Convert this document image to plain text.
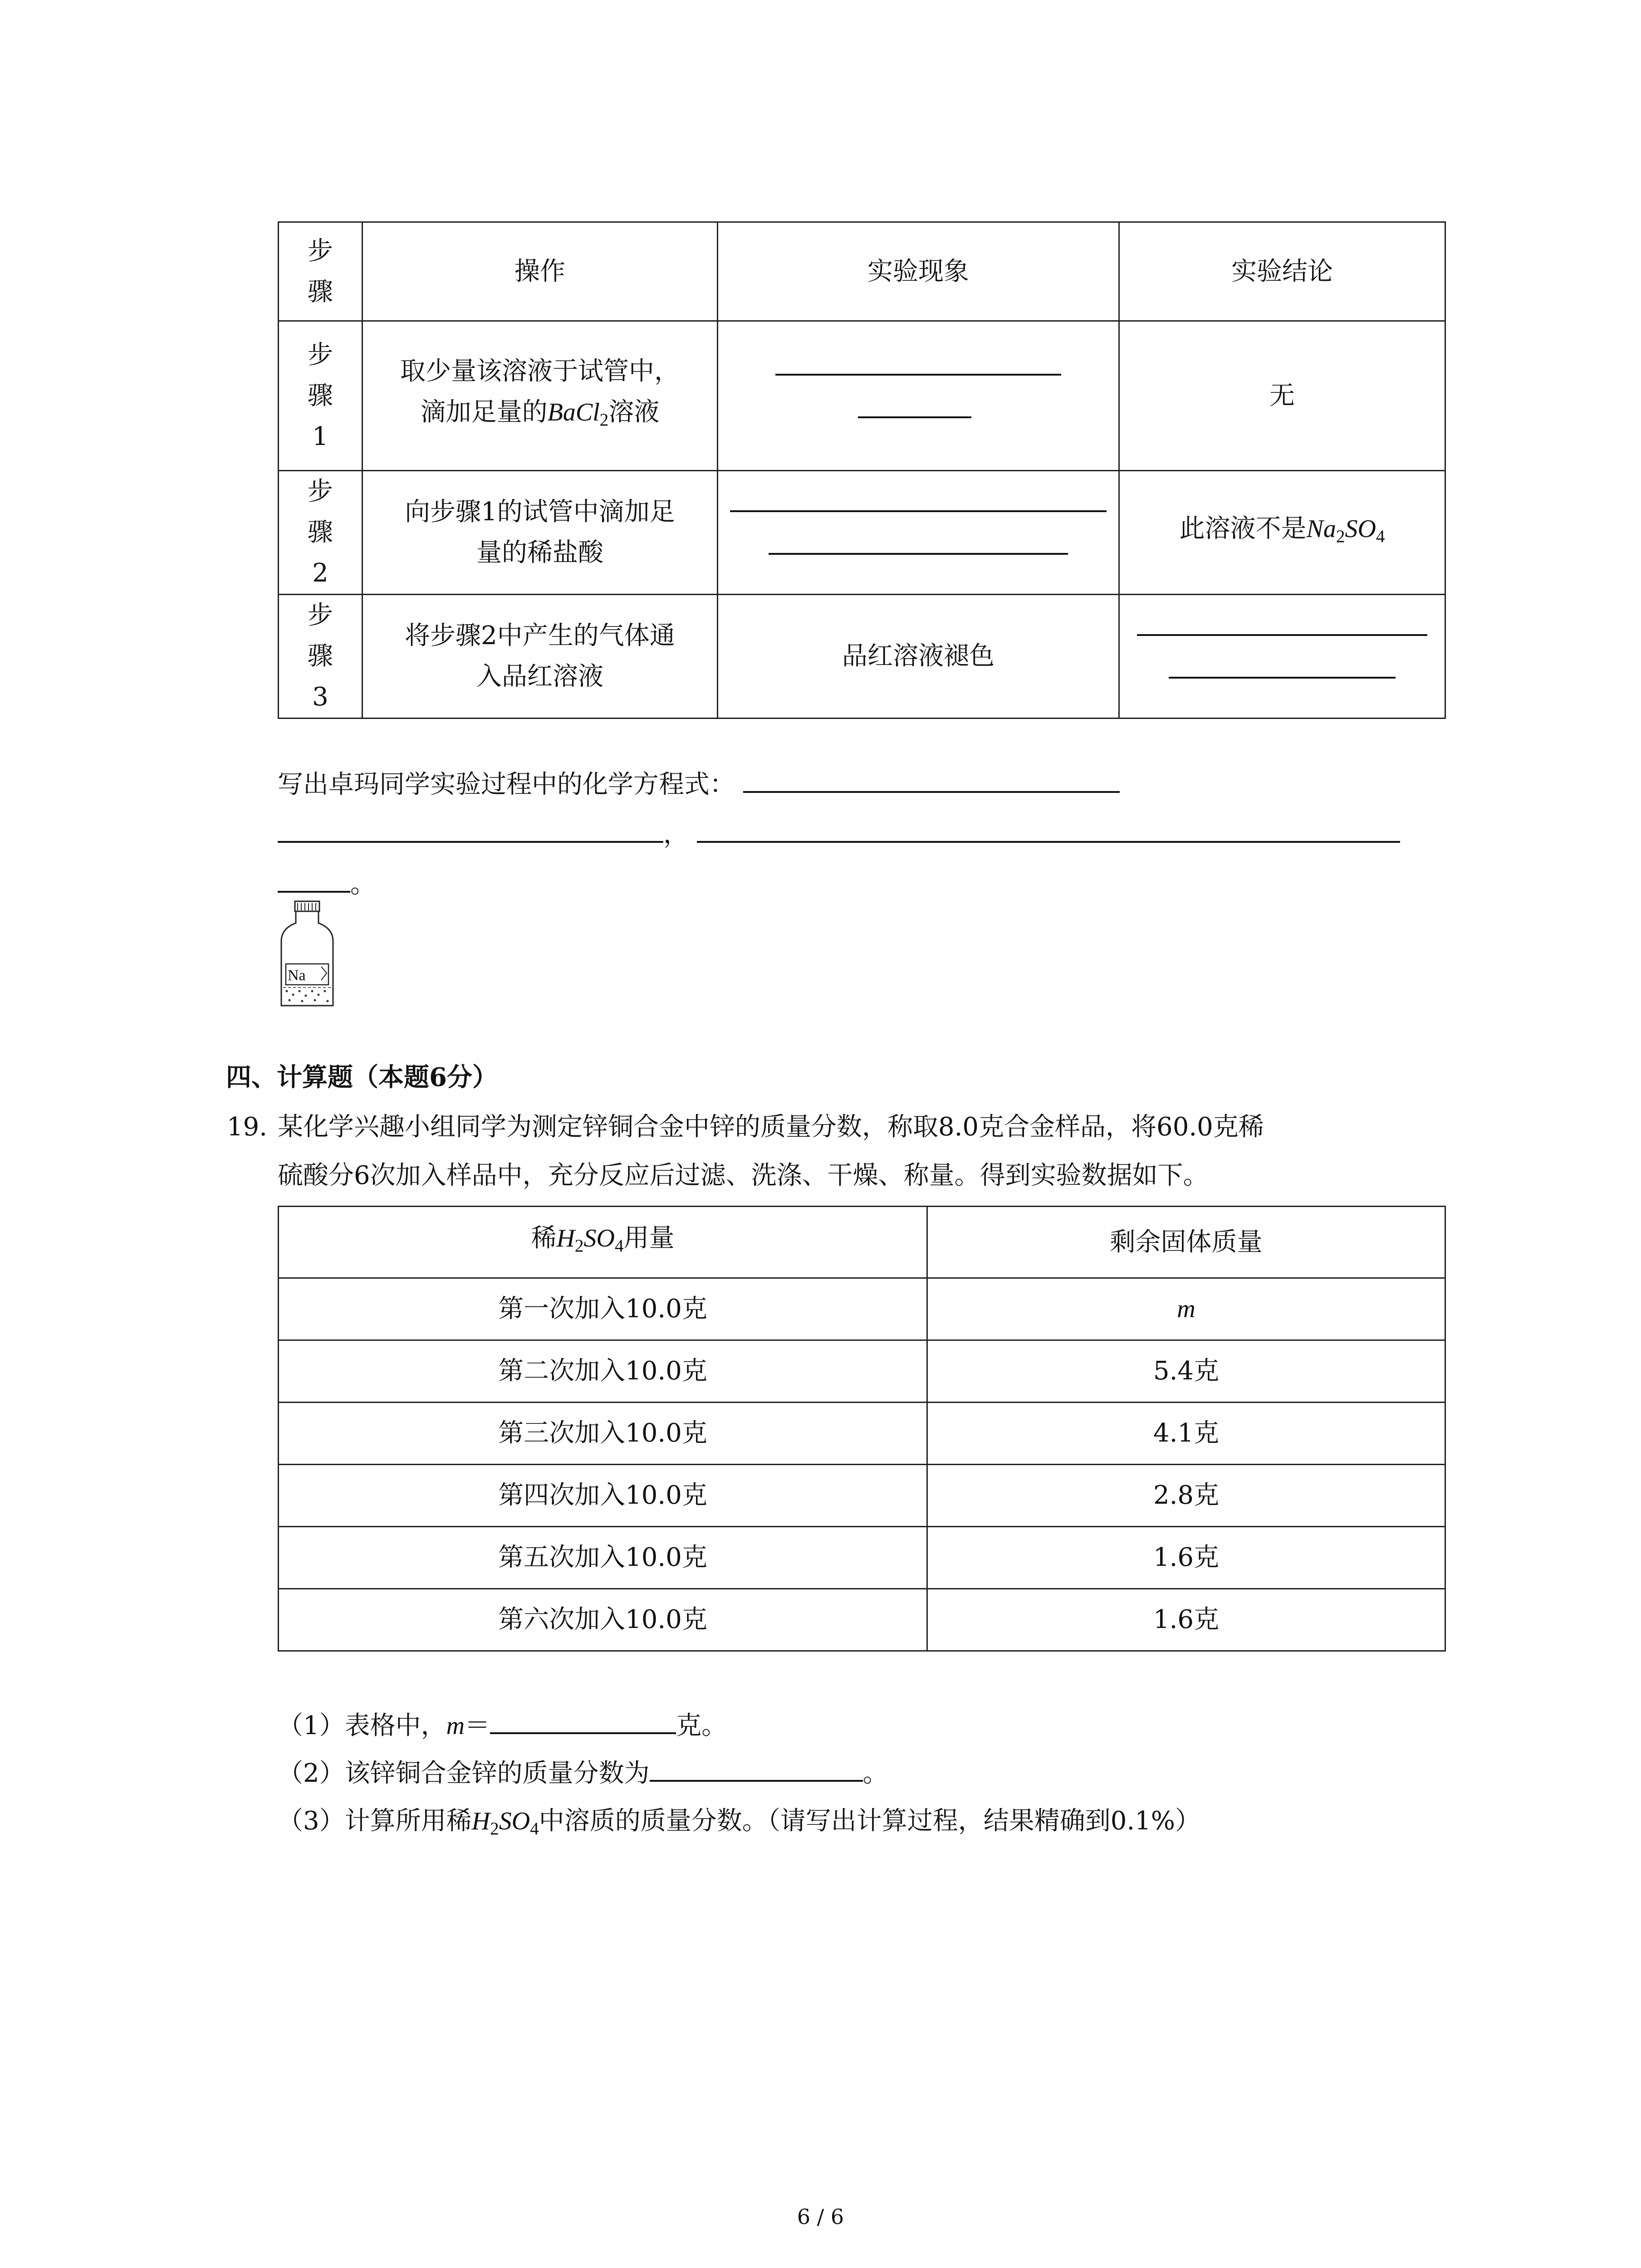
步骤	操作	实验现象	实验结论

步骤1	取少量该溶液于试管中，滴加足量的BaCl$_2$溶液		无

步骤2	向步骤1的试管中滴加足量的稀盐酸		此溶液不是$Na_2SO_4$

步骤3	将步骤2中产生的气体通入品红溶液	品红溶液褪色	
写出卓玛同学实验过程中的化学方程式：
，
。
Na
四、计算题（本题6分）
19. 某化学兴趣小组同学为测定锌铜合金中锌的质量分数，称取8.0克合金样品，将60.0克稀
硫酸分6次加入样品中，充分反应后过滤、洗涤、干燥、称量。得到实验数据如下。
稀$H_2SO_4$用量	剩余固体质量
第一次加入10.0克	m
第二次加入10.0克	5.4克
第三次加入10.0克	4.1克
第四次加入10.0克	2.8克
第五次加入10.0克	1.6克
第六次加入10.0克	1.6克
（1）表格中，m＝	克。
（2）该锌铜合金锌的质量分数为	。
（3）计算所用稀$H_2SO_4$中溶质的质量分数。（请写出计算过程，结果精确到0.1%）
6 / 6
